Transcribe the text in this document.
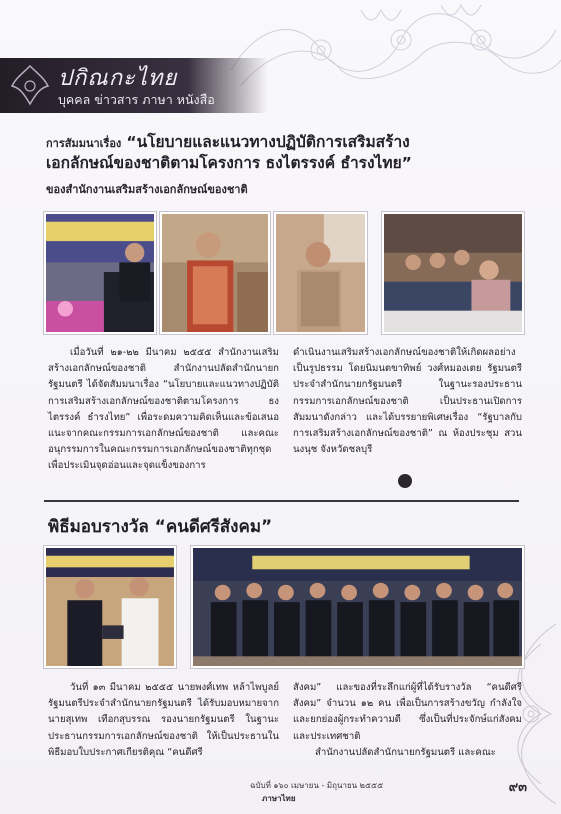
ปกิณกะไทย
บุคคล ข่าวสาร ภาษา หนังสือ
การสัมมนาเรื่อง “นโยบายและแนวทางปฏิบัติการเสริมสร้าง
เอกลักษณ์ของชาติตามโครงการ ธงไตรรงค์ ธำรงไทย”
ของสำนักงานเสริมสร้างเอกลักษณ์ของชาติ

เมื่อวันที่ ๒๑-๒๒ มีนาคม ๒๕๕๕ สำนักงานเสริมสร้างเอกลักษณ์ของชาติ สำนักงานปลัดสำนักนายกรัฐมนตรี ได้จัดสัมมนาเรื่อง “นโยบายและแนวทางปฏิบัติการเสริมสร้างเอกลักษณ์ของชาติตามโครงการ ธงไตรรงค์ ธำรงไทย” เพื่อระดมความคิดเห็นและข้อเสนอแนะจากคณะกรรมการเอกลักษณ์ของชาติ และคณะอนุกรรมการในคณะกรรมการเอกลักษณ์ของชาติทุกชุด เพื่อประเมินจุดอ่อนและจุดแข็งของการ

ดำเนินงานเสริมสร้างเอกลักษณ์ของชาติให้เกิดผลอย่างเป็นรูปธรรม โดยนิมนตขาทิพย์ วงศ์หมองเตย รัฐมนตรีประจำสำนักนายกรัฐมนตรี ในฐานะรองประธานกรรมการเอกลักษณ์ของชาติ เป็นประธานเปิดการสัมมนาดังกล่าว และได้บรรยายพิเศษเรื่อง “รัฐบาลกับการเสริมสร้างเอกลักษณ์ของชาติ” ณ ห้องประชุม สวนนงนุช จังหวัดชลบุรี

พิธีมอบรางวัล “คนดีศรีสังคม”

วันที่ ๑๓ มีนาคม ๒๕๕๕ นายพงศ์เทพ หล้าไพบูลย์ รัฐมนตรีประจำสำนักนายกรัฐมนตรี ได้รับมอบหมายจากนายสุเทพ เทือกสุบรรณ รองนายกรัฐมนตรี ในฐานะประธานกรรมการเอกลักษณ์ของชาติ ให้เป็นประธานในพิธีมอบใบประกาศเกียรติคุณ “คนดีศรี

สังคม” และของที่ระลึกแก่ผู้ที่ได้รับรางวัล “คนดีศรีสังคม” จำนวน ๑๒ คน เพื่อเป็นการสร้างขวัญ กำลังใจ และยกย่องผู้กระทำความดี ซึ่งเป็นที่ประจักษ์แก่สังคมและประเทศชาติ

สำนักงานปลัดสำนักนายกรัฐมนตรี และคณะ

ฉบับที่ ๑๖๐ เมษายน - มิถุนายน ๒๕๕๕
ภาษาไทย
๙๓
